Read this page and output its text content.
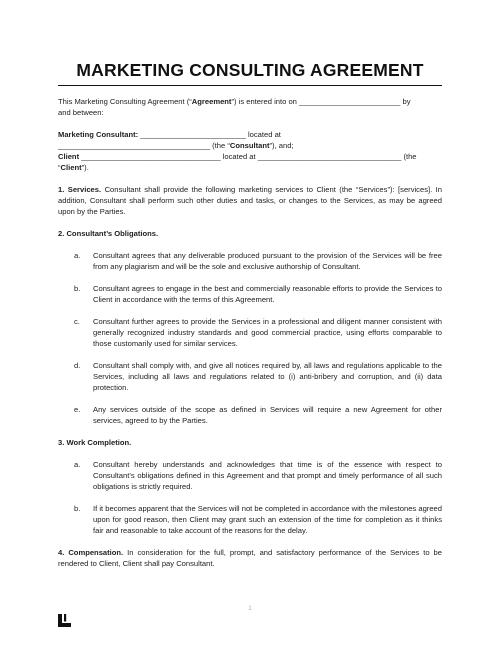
MARKETING CONSULTING AGREEMENT
This Marketing Consulting Agreement (“Agreement”) is entered into on ________________________ by
and between:
Marketing Consultant: _________________________ located at
____________________________________ (the “Consultant”), and;
Client _________________________________ located at __________________________________ (the
“Client”).
1. Services. Consultant shall provide the following marketing services to Client (the “Services”): [services]. In addition, Consultant shall perform such other duties and tasks, or changes to the Services, as may be agreed upon by the Parties.
2. Consultant’s Obligations.
a. Consultant agrees that any deliverable produced pursuant to the provision of the Services will be free from any plagiarism and will be the sole and exclusive authorship of Consultant.
b. Consultant agrees to engage in the best and commercially reasonable efforts to provide the Services to Client in accordance with the terms of this Agreement.
c. Consultant further agrees to provide the Services in a professional and diligent manner consistent with generally recognized industry standards and good commercial practice, using efforts comparable to those customarily used for similar services.
d. Consultant shall comply with, and give all notices required by, all laws and regulations applicable to the Services, including all laws and regulations related to (i) anti-bribery and corruption, and (ii) data protection.
e. Any services outside of the scope as defined in Services will require a new Agreement for other services, agreed to by the Parties.
3. Work Completion.
a. Consultant hereby understands and acknowledges that time is of the essence with respect to Consultant’s obligations defined in this Agreement and that prompt and timely performance of all such obligations is strictly required.
b. If it becomes apparent that the Services will not be completed in accordance with the milestones agreed upon for good reason, then Client may grant such an extension of the time for completion as it thinks fair and reasonable to take account of the reasons for the delay.
4. Compensation. In consideration for the full, prompt, and satisfactory performance of the Services to be rendered to Client, Client shall pay Consultant.
1
